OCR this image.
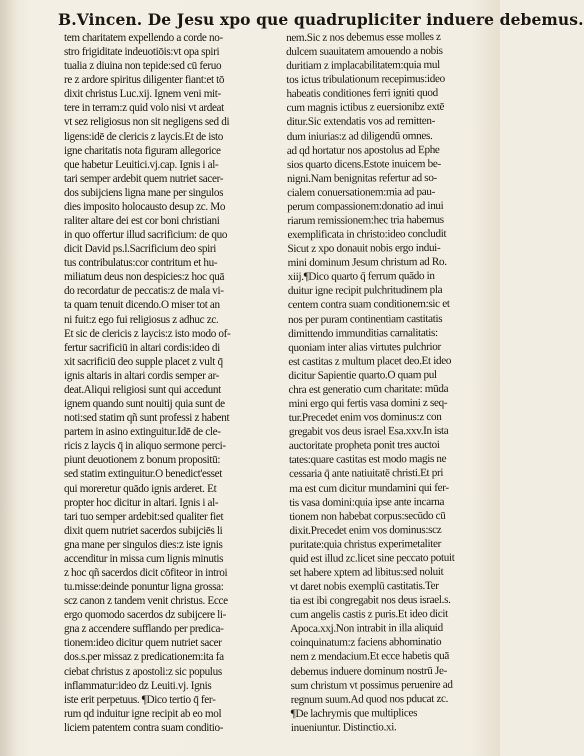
B.Vincen. De Jesu xpo que quadrupliciter induere debemus.
tem charitatem expellendo a corde no-
stro frigiditate indeuotiōis:vt opa spiri
tualia z diuina non tepide:sed cū feruo
re z ardore spiritus diligenter fiant:et tō
dixit christus Luc.xij. Ignem veni mit-
tere in terram:z quid volo nisi vt ardeat
vt sez religiosus non sit negligens sed di
ligens:idē de clericis z laycis.Et de isto
igne charitatis nota figuram allegorice
que habetur Leuitici.vj.cap. Ignis i al-
tari semper ardebit quem nutriet sacer-
dos subijciens ligna mane per singulos
dies imposito holocausto desup zc. Mo
raliter altare dei est cor boni christiani
in quo offertur illud sacrificium: de quo
dicit David ps.l.Sacrificium deo spiri
tus contribulatus:cor contritum et hu-
miliatum deus non despicies:z hoc quā
do recordatur de peccatis:z de mala vi-
ta quam tenuit dicendo.O miser tot an
ni fuit:z ego fui religiosus z adhuc zc.
Et sic de clericis z laycis:z isto modo of-
fertur sacrificiū in altari cordis:ideo di
xit sacrificiū deo supple placet z vult q̄
ignis altaris in altari cordis semper ar-
deat.Aliqui religiosi sunt qui accedunt
ignem quando sunt nouitij quia sunt de
noti:sed statim qñ sunt professi z habent
partem in asino extinguitur.Idē de cle-
ricis z laycis q̄ in aliquo sermone perci-
piunt deuotionem z bonum propositū:
sed statim extinguitur.O benedict'esset
qui moreretur quādo ignis arderet. Et
propter hoc dicitur in altari. Ignis i al-
tari tuo semper ardebit:sed qualiter fiet
dixit quem nutriet sacerdos subijciēs li
gna mane per singulos dies:z iste ignis
accenditur in missa cum lignis minutis
z hoc qñ sacerdos dicit cōfiteor in introi
tu.misse:deinde ponuntur ligna grossa:
scz canon z tandem venit christus. Ecce
ergo quomodo sacerdos dz subijcere li-
gna z accendere sufflando per predica-
tionem:ideo dicitur quem nutriet sacer
dos.s.per missaz z predicationem:ita fa
ciebat christus z apostoli:z sic populus
inflammatur:ideo dz Leuiti.vj. Ignis
iste erit perpetuus. ¶Dico tertio q̄ fer-
rum qd induitur igne recipit ab eo mol
liciem patentem contra suam conditio-
nem.Sic z nos debemus esse molles z
dulcem suauitatem amouendo a nobis
duritiam z implacabilitatem:quia mul
tos ictus tribulationum recepimus:ideo
habeatis conditiones ferri igniti quod
cum magnis ictibus z euersionibz extē
ditur.Sic extendatis vos ad remitten-
dum iniurias:z ad diligendū omnes.
ad qd hortatur nos apostolus ad Ephe
sios quarto dicens.Estote inuicem be-
nigni.Nam benignitas refertur ad so-
cialem conuersationem:mia ad pau-
perum compassionem:donatio ad inui
riarum remissionem:hec tria habemus
exemplificata in christo:ideo concludit
Sicut z xpo donauit nobis ergo indui-
mini dominum Jesum christum ad Ro.
xiij.¶Dico quarto q̄ ferrum quādo in
duitur igne recipit pulchritudinem pla
centem contra suam conditionem:sic et
nos per puram continentiam castitatis
dimittendo immunditias carnalitatis:
quoniam inter alias virtutes pulchrior
est castitas z multum placet deo.Et ideo
dicitur Sapientie quarto.O quam pul
chra est generatio cum charitate: mūda
mini ergo qui fertis vasa domini z seq-
tur.Precedet enim vos dominus:z con
gregabit vos deus israel Esa.xxv.In ista
auctoritate propheta ponit tres auctoi
tates:quare castitas est modo magis ne
cessaria q̄ ante natiuitatē christi.Et pri
ma est cum dicitur mundamini qui fer-
tis vasa domini:quia ipse ante incarna
tionem non habebat corpus:secūdo cū
dixit.Precedet enim vos dominus:scz
puritate:quia christus experimetaliter
quid est illud zc.licet sine peccato potuit
set habere xptem ad libitus:sed noluit
vt daret nobis exemplū castitatis.Ter
tia est ibi congregabit nos deus israel.s.
cum angelis castis z puris.Et ideo dicit
Apoca.xxj.Non intrabit in illa aliquid
coinquinatum:z faciens abhominatio
nem z mendacium.Et ecce habetis quā
debemus induere dominum nostrū Je-
sum christum vt possimus peruenire ad
regnum suum.Ad quod nos pducat zc.
¶De lachrymis que multiplices
inueniuntur. Distinctio.xi.
